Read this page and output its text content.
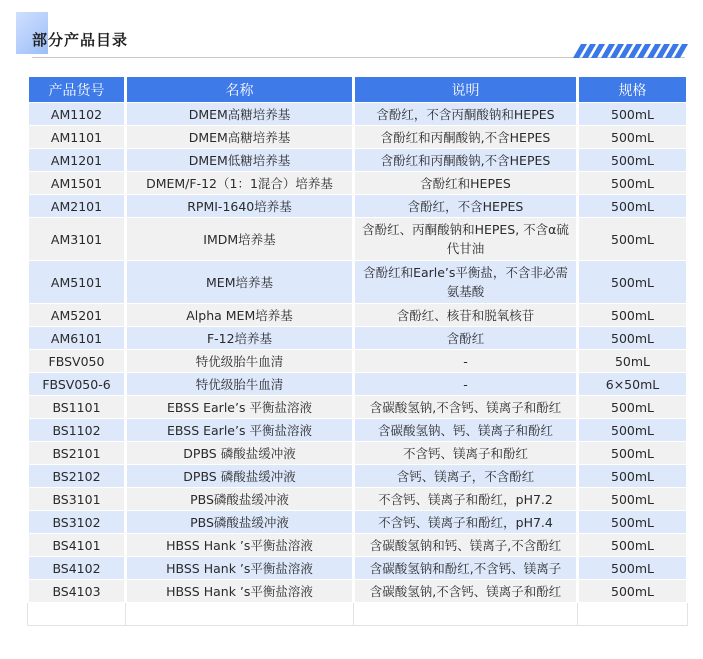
部分产品目录
产品货号	名称	说明	规格
AM1102	DMEM高糖培养基	含酚红，不含丙酮酸钠和HEPES	500mL
AM1101	DMEM高糖培养基	含酚红和丙酮酸钠,不含HEPES	500mL
AM1201	DMEM低糖培养基	含酚红和丙酮酸钠,不含HEPES	500mL
AM1501	DMEM/F-12（1：1混合）培养基	含酚红和HEPES	500mL
AM2101	RPMI-1640培养基	含酚红，不含HEPES	500mL
AM3101	IMDM培养基	含酚红、丙酮酸钠和HEPES, 不含α硫代甘油	500mL
AM5101	MEM培养基	含酚红和Earle’s平衡盐，不含非必需氨基酸	500mL
AM5201	Alpha MEM培养基	含酚红、核苷和脱氧核苷	500mL
AM6101	F-12培养基	含酚红	500mL
FBSV050	特优级胎牛血清	-	50mL
FBSV050-6	特优级胎牛血清	-	6×50mL
BS1101	EBSS Earle’s 平衡盐溶液	含碳酸氢钠,不含钙、镁离子和酚红	500mL
BS1102	EBSS Earle’s 平衡盐溶液	含碳酸氢钠、钙、镁离子和酚红	500mL
BS2101	DPBS 磷酸盐缓冲液	不含钙、镁离子和酚红	500mL
BS2102	DPBS 磷酸盐缓冲液	含钙、镁离子，不含酚红	500mL
BS3101	PBS磷酸盐缓冲液	不含钙、镁离子和酚红，pH7.2	500mL
BS3102	PBS磷酸盐缓冲液	不含钙、镁离子和酚红，pH7.4	500mL
BS4101	HBSS Hank ’s平衡盐溶液	含碳酸氢钠和钙、镁离子,不含酚红	500mL
BS4102	HBSS Hank ’s平衡盐溶液	含碳酸氢钠和酚红,不含钙、镁离子	500mL
BS4103	HBSS Hank ’s平衡盐溶液	含碳酸氢钠,不含钙、镁离子和酚红	500mL
